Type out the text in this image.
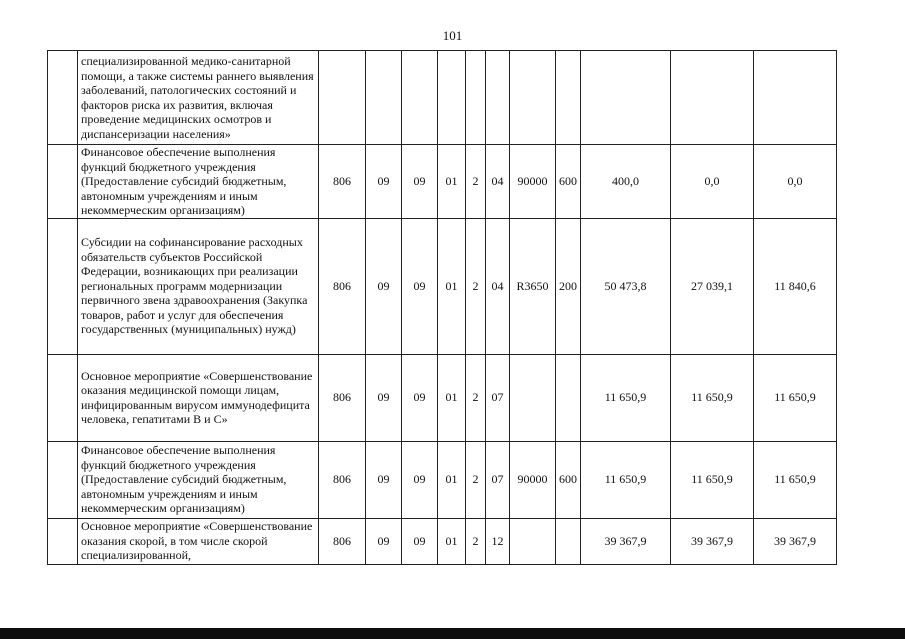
101
	специализированной медико-санитарной помощи, а также системы раннего выявления заболеваний, патологических состояний и факторов риска их развития, включая проведение медицинских осмотров и диспансеризации населения»											
	Финансовое обеспечение выполнения функций бюджетного учреждения (Предоставление субсидий бюджетным, автономным учреждениям и иным некоммерческим организациям)	806	09	09	01	2	04	90000	600	400,0	0,0	0,0
	Субсидии на софинансирование расходных обязательств субъектов Российской Федерации, возникающих при реализации региональных программ модернизации первичного звена здравоохранения (Закупка товаров, работ и услуг для обеспечения государственных (муниципальных) нужд)	806	09	09	01	2	04	R3650	200	50 473,8	27 039,1	11 840,6
	Основное мероприятие «Совершенствование оказания медицинской помощи лицам, инфицированным вирусом иммунодефицита человека, гепатитами В и С»	806	09	09	01	2	07			11 650,9	11 650,9	11 650,9
	Финансовое обеспечение выполнения функций бюджетного учреждения (Предоставление субсидий бюджетным, автономным учреждениям и иным некоммерческим организациям)	806	09	09	01	2	07	90000	600	11 650,9	11 650,9	11 650,9
	Основное мероприятие «Совершенствование оказания скорой, в том числе скорой специализированной,	806	09	09	01	2	12			39 367,9	39 367,9	39 367,9
